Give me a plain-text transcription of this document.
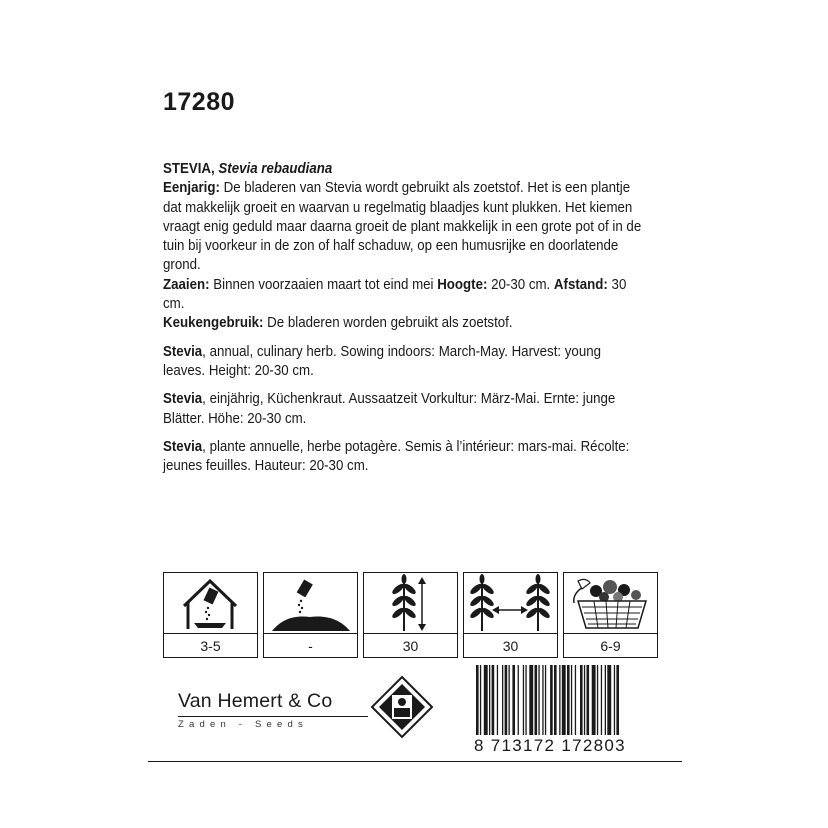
17280

STEVIA, Stevia rebaudiana

Eenjarig: De bladeren van Stevia wordt gebruikt als zoetstof. Het is een plantje dat makkelijk groeit en waarvan u regelmatig blaadjes kunt plukken. Het kiemen vraagt enig geduld maar daarna groeit de plant makkelijk in een grote pot of in de tuin bij voorkeur in de zon of half schaduw, op een humusrijke en doorlatende grond.

Zaaien: Binnen voorzaaien maart tot eind mei Hoogte: 20-30 cm. Afstand: 30 cm.

Keukengebruik: De bladeren worden gebruikt als zoetstof.

Stevia, annual, culinary herb. Sowing indoors: March-May. Harvest: young leaves. Height: 20-30 cm.

Stevia, einjährig, Küchenkraut. Aussaatzeit Vorkultur: März-Mai. Ernte: junge Blätter. Höhe: 20-30 cm.

Stevia, plante annuelle, herbe potagère. Semis à l’intérieur: mars-mai. Récolte: jeunes feuilles. Hauteur: 20-30 cm.

3-5	-	30	30	6-9
Van Hemert & Co
Zaden - Seeds
8 713172 172803
